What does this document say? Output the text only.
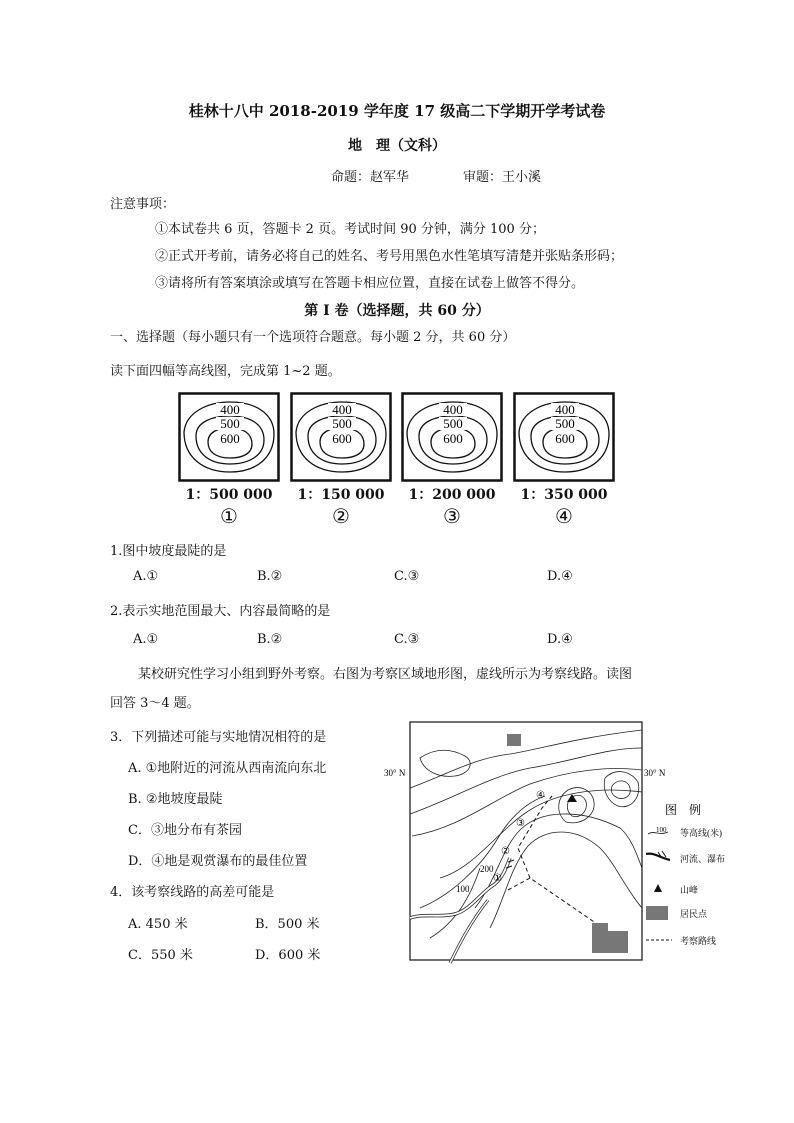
桂林十八中 2018-2019 学年度 17 级高二下学期开学考试卷
地　理（文科）
命题：赵军华	审题：王小溪
注意事项：
①本试卷共 6 页，答题卡 2 页。考试时间 90 分钟，满分 100 分；
②正式开考前，请务必将自己的姓名、考号用黑色水性笔填写清楚并张贴条形码；
③请将所有答案填涂或填写在答题卡相应位置，直接在试卷上做答不得分。
第 I 卷（选择题，共 60 分）
一、选择题（每小题只有一个选项符合题意。每小题 2 分，共 60 分）
读下面四幅等高线图，完成第 1~2 题。
400
500
600
1：500 000
①
400
500
600
1：150 000
②
400
500
600
1：200 000
③
400
500
600
1：350 000
④
1.图中坡度最陡的是
A.①	B.②	C.③	D.④
2.表示实地范围最大、内容最简略的是
A.①	B.②	C.③	D.④
某校研究性学习小组到野外考察。右图为考察区域地形图，虚线所示为考察线路。读图
回答 3～4 题。
3．下列描述可能与实地情况相符的是
A. ①地附近的河流从西南流向东北
B. ②地坡度最陡
C．③地分布有茶园
D．④地是观赏瀑布的最佳位置
4．该考察线路的高差可能是
A. 450 米	B．500 米
C．550 米	D．600 米
30° N	30° N
200
100
①
②
③
④
图　例
100 等高线(米)
河流、瀑布
山峰
居民点
考察路线
